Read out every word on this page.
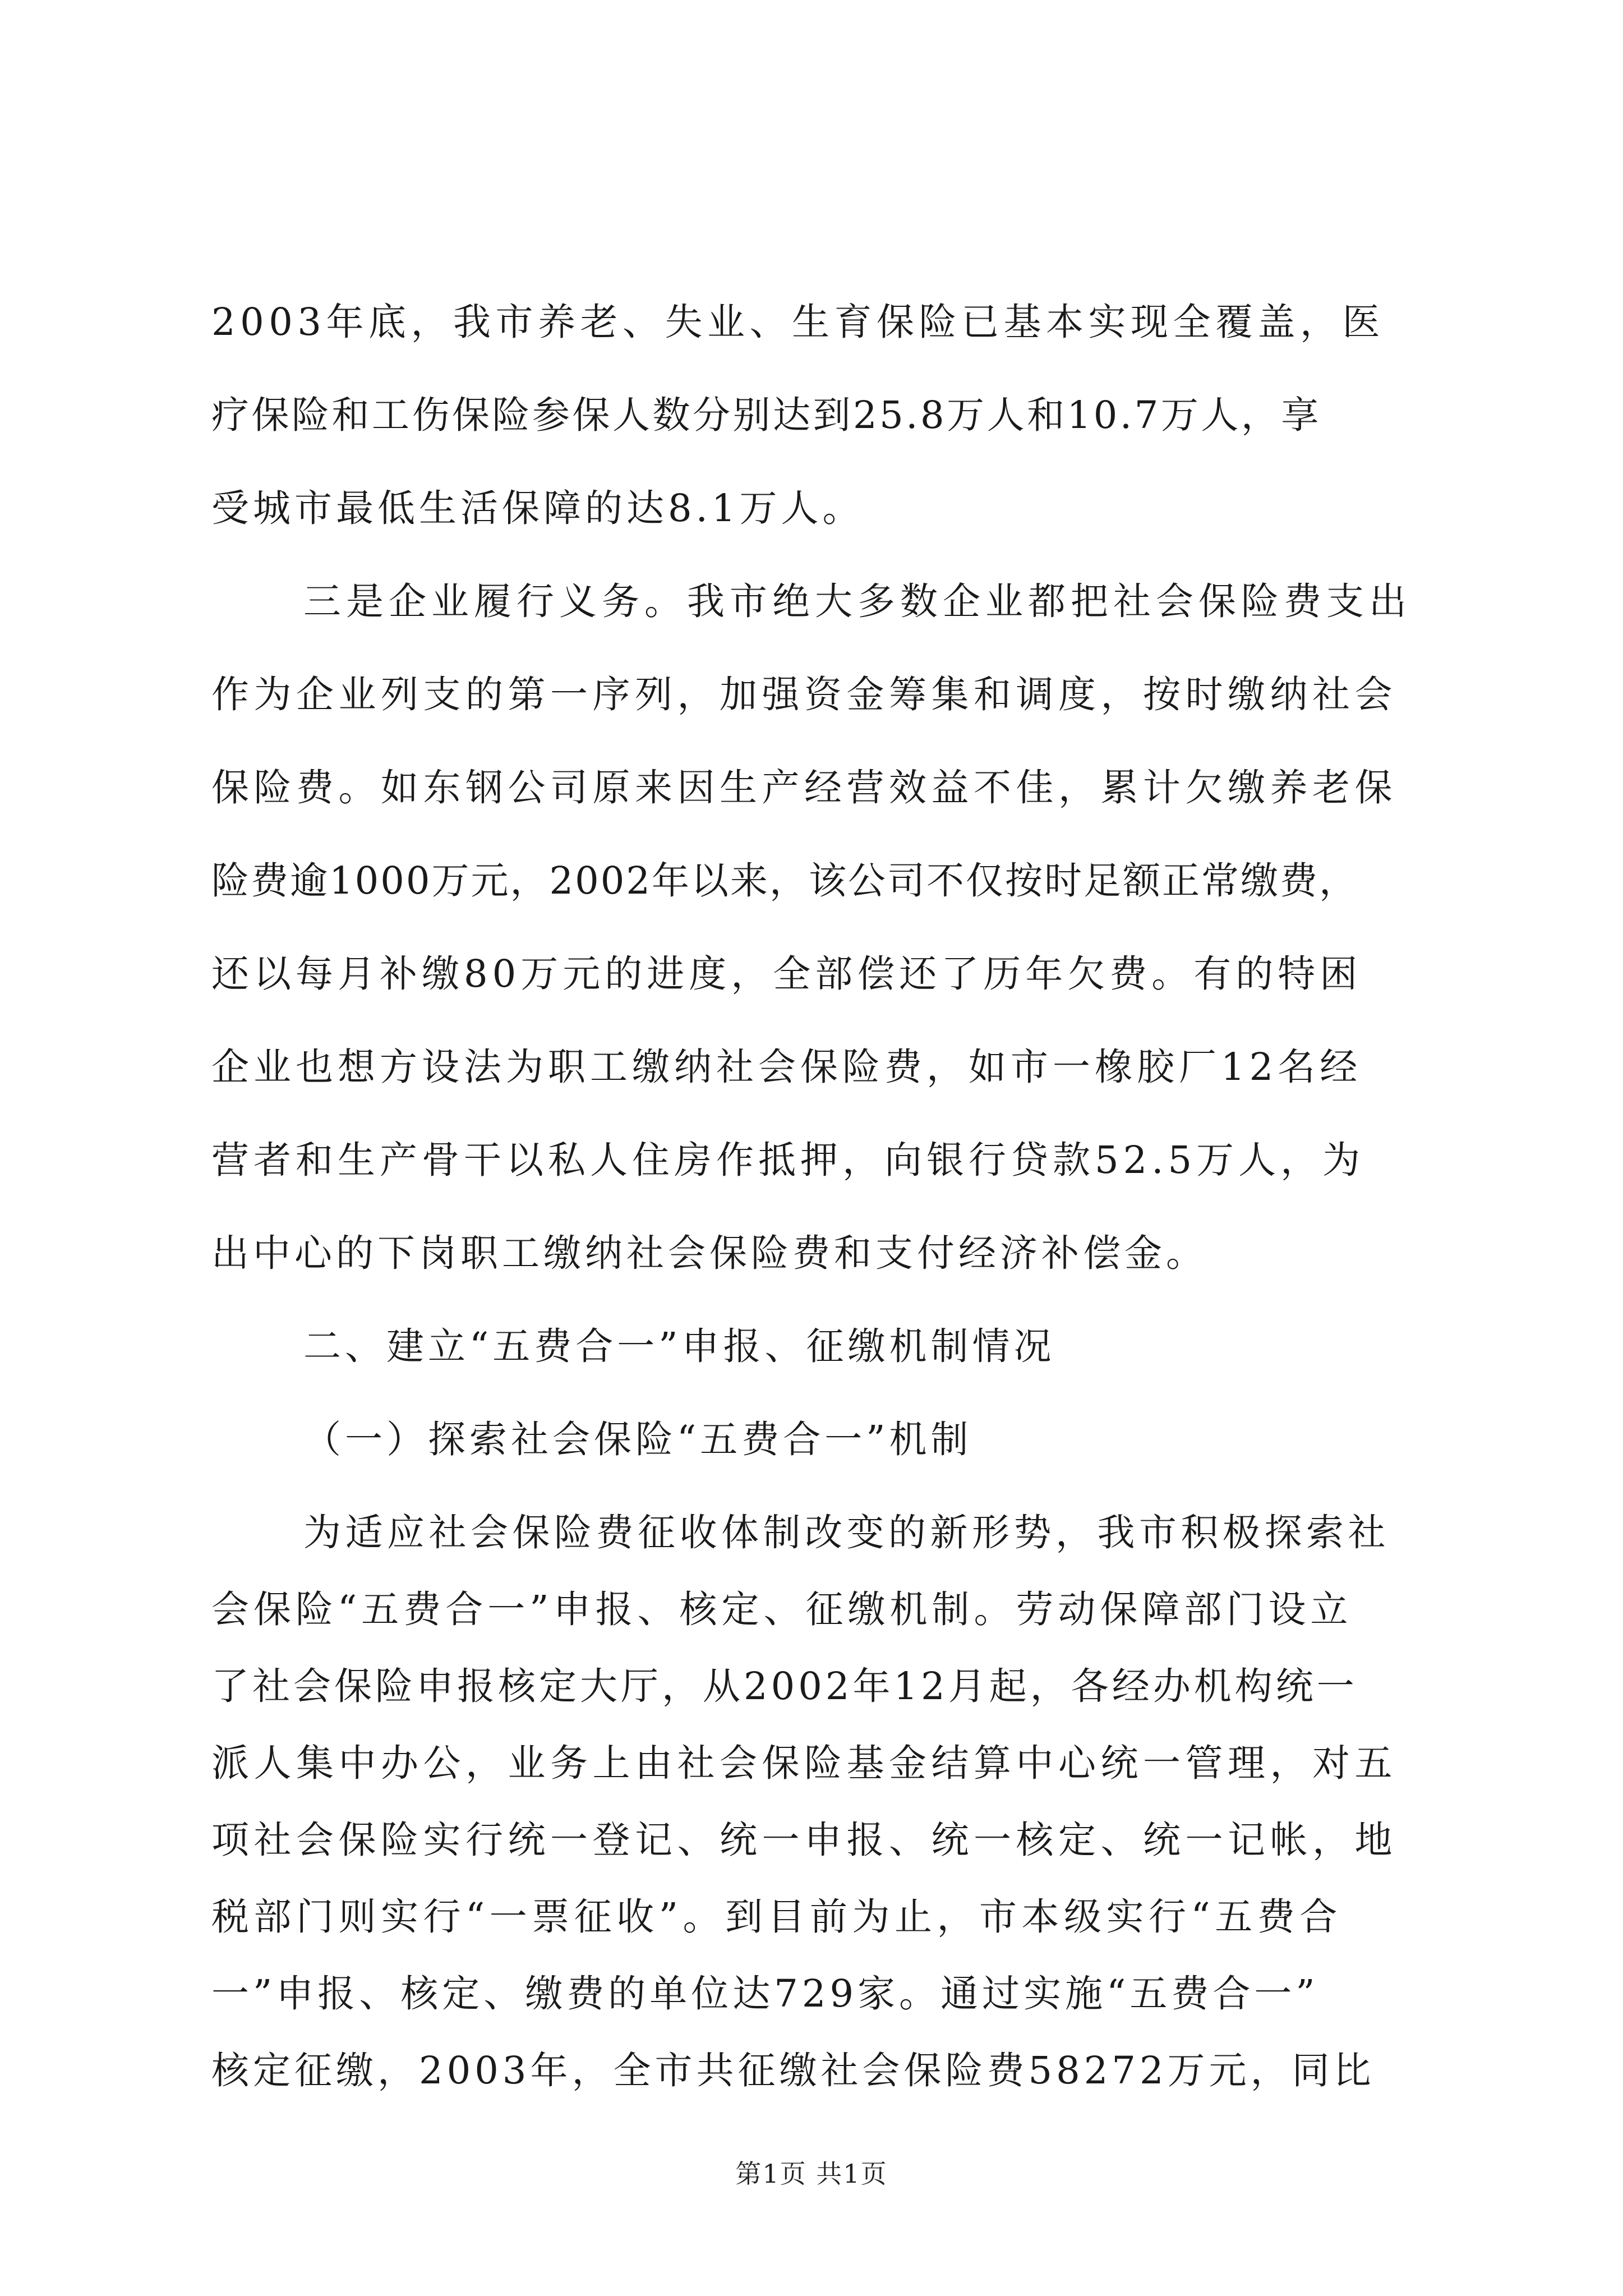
2003年底，我市养老、失业、生育保险已基本实现全覆盖，医
疗保险和工伤保险参保人数分别达到25.8万人和10.7万人，享
受城市最低生活保障的达8.1万人。
三是企业履行义务。我市绝大多数企业都把社会保险费支出
作为企业列支的第一序列，加强资金筹集和调度，按时缴纳社会
保险费。如东钢公司原来因生产经营效益不佳，累计欠缴养老保
险费逾1000万元，2002年以来，该公司不仅按时足额正常缴费，
还以每月补缴80万元的进度，全部偿还了历年欠费。有的特困
企业也想方设法为职工缴纳社会保险费，如市一橡胶厂12名经
营者和生产骨干以私人住房作抵押，向银行贷款52.5万人，为
出中心的下岗职工缴纳社会保险费和支付经济补偿金。
二、建立“五费合一”申报、征缴机制情况
（一）探索社会保险“五费合一”机制
为适应社会保险费征收体制改变的新形势，我市积极探索社
会保险“五费合一”申报、核定、征缴机制。劳动保障部门设立
了社会保险申报核定大厅，从2002年12月起，各经办机构统一
派人集中办公，业务上由社会保险基金结算中心统一管理，对五
项社会保险实行统一登记、统一申报、统一核定、统一记帐，地
税部门则实行“一票征收”。到目前为止，市本级实行“五费合
一”申报、核定、缴费的单位达729家。通过实施“五费合一”
核定征缴，2003年，全市共征缴社会保险费58272万元，同比
第1页 共1页
